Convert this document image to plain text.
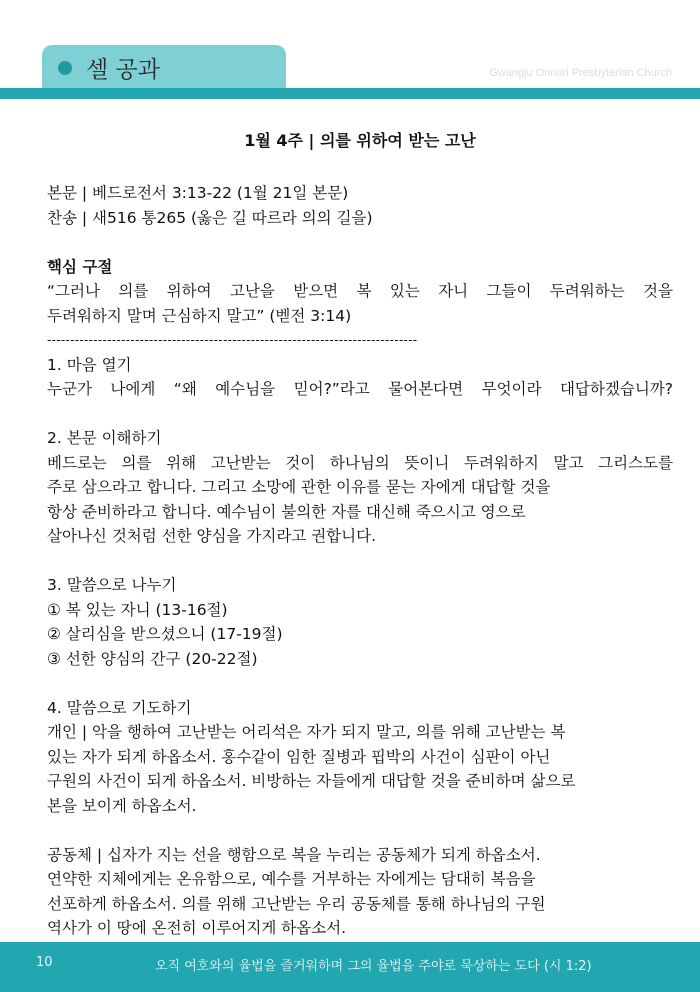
셀 공과	Gwangju Onnuri Presbyterian Church
1월 4주 | 의를 위하여 받는 고난
본문 | 베드로전서 3:13-22 (1월 21일 본문)
찬송 | 새516 통265 (옳은 길 따르라 의의 길을)
핵심 구절
“그러나 의를 위하여 고난을 받으면 복 있는 자니 그들이 두려워하는 것을
두려워하지 말며 근심하지 말고” (벧전 3:14)
--------------------------------------------------------------------------------
1. 마음 열기
누군가 나에게 “왜 예수님을 믿어?”라고 물어본다면 무엇이라 대답하겠습니까?
2. 본문 이해하기
베드로는 의를 위해 고난받는 것이 하나님의 뜻이니 두려워하지 말고 그리스도를
주로 삼으라고 합니다. 그리고 소망에 관한 이유를 묻는 자에게 대답할 것을
항상 준비하라고 합니다. 예수님이 불의한 자를 대신해 죽으시고 영으로
살아나신 것처럼 선한 양심을 가지라고 권합니다.
3. 말씀으로 나누기
① 복 있는 자니 (13-16절)
② 살리심을 받으셨으니 (17-19절)
③ 선한 양심의 간구 (20-22절)
4. 말씀으로 기도하기
개인 | 악을 행하여 고난받는 어리석은 자가 되지 말고, 의를 위해 고난받는 복
있는 자가 되게 하옵소서. 홍수같이 임한 질병과 핍박의 사건이 심판이 아닌
구원의 사건이 되게 하옵소서. 비방하는 자들에게 대답할 것을 준비하며 삶으로
본을 보이게 하옵소서.
공동체 | 십자가 지는 선을 행함으로 복을 누리는 공동체가 되게 하옵소서.
연약한 지체에게는 온유함으로, 예수를 거부하는 자에게는 담대히 복음을
선포하게 하옵소서. 의를 위해 고난받는 우리 공동체를 통해 하나님의 구원
역사가 이 땅에 온전히 이루어지게 하옵소서.
10	오직 여호와의 율법을 즐거워하며 그의 율법을 주야로 묵상하는 도다 (시 1:2)
